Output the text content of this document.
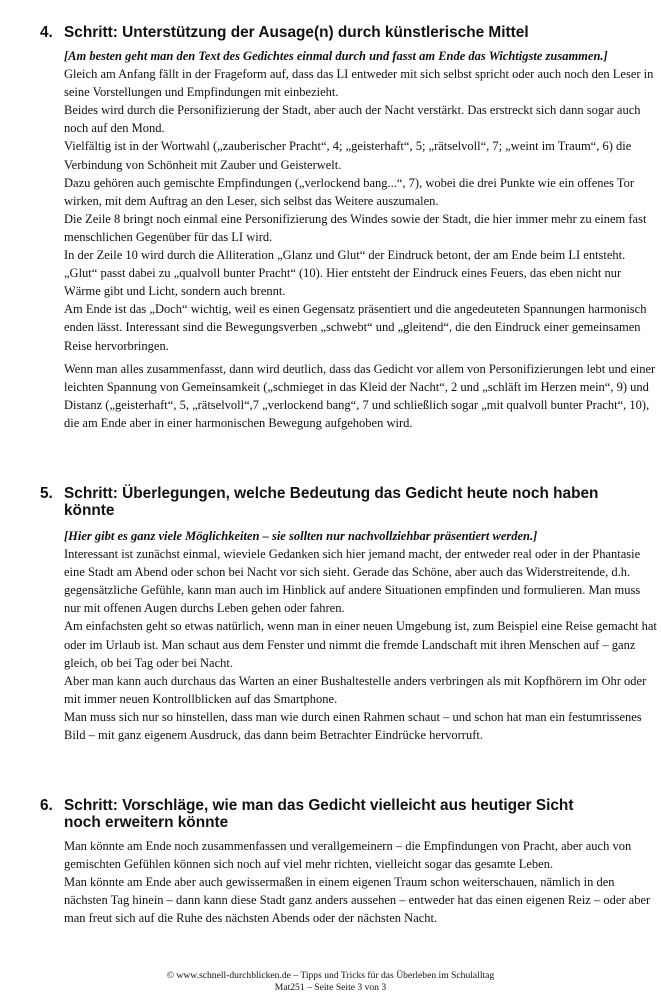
4. Schritt: Unterstützung der Ausage(n) durch künstlerische Mittel

[Am besten geht man den Text des Gedichtes einmal durch und fasst am Ende das Wichtigste zusammen.]

Gleich am Anfang fällt in der Frageform auf, dass das LI entweder mit sich selbst spricht oder auch noch den Leser in seine Vorstellungen und Empfindungen mit einbezieht.

Beides wird durch die Personifizierung der Stadt, aber auch der Nacht verstärkt. Das erstreckt sich dann sogar auch noch auf den Mond.

Vielfältig ist in der Wortwahl („zauberischer Pracht“, 4; „geisterhaft“, 5; „rätselvoll“, 7; „weint im Traum“, 6) die Verbindung von Schönheit mit Zauber und Geisterwelt.

Dazu gehören auch gemischte Empfindungen („verlockend bang...“, 7), wobei die drei Punkte wie ein offenes Tor wirken, mit dem Auftrag an den Leser, sich selbst das Weitere auszumalen.

Die Zeile 8 bringt noch einmal eine Personifizierung des Windes sowie der Stadt, die hier immer mehr zu einem fast menschlichen Gegenüber für das LI wird.

In der Zeile 10 wird durch die Alliteration „Glanz und Glut“ der Eindruck betont, der am Ende beim LI entsteht. „Glut“ passt dabei zu „qualvoll bunter Pracht“ (10). Hier entsteht der Eindruck eines Feuers, das eben nicht nur Wärme gibt und Licht, sondern auch brennt.

Am Ende ist das „Doch“ wichtig, weil es einen Gegensatz präsentiert und die angedeuteten Spannungen harmonisch enden lässt. Interessant sind die Bewegungsverben „schwebt“ und „gleitend“, die den Eindruck einer gemeinsamen Reise hervorbringen.

Wenn man alles zusammenfasst, dann wird deutlich, dass das Gedicht vor allem von Personifizierungen lebt und einer leichten Spannung von Gemeinsamkeit („schmieget in das Kleid der Nacht“, 2 und „schläft im Herzen mein“, 9) und Distanz („geisterhaft“, 5, „rätselvoll“,7 „verlockend bang“, 7 und schließlich sogar „mit qualvoll bunter Pracht“, 10), die am Ende aber in einer harmonischen Bewegung aufgehoben wird.

5. Schritt: Überlegungen, welche Bedeutung das Gedicht heute noch haben
könnte

[Hier gibt es ganz viele Möglichkeiten – sie sollten nur nachvollziehbar präsentiert werden.]

Interessant ist zunächst einmal, wieviele Gedanken sich hier jemand macht, der entweder real oder in der Phantasie eine Stadt am Abend oder schon bei Nacht vor sich sieht. Gerade das Schöne, aber auch das Widerstreitende, d.h. gegensätzliche Gefühle, kann man auch im Hinblick auf andere Situationen empfinden und formulieren. Man muss nur mit offenen Augen durchs Leben gehen oder fahren.

Am einfachsten geht so etwas natürlich, wenn man in einer neuen Umgebung ist, zum Beispiel eine Reise gemacht hat oder im Urlaub ist. Man schaut aus dem Fenster und nimmt die fremde Landschaft mit ihren Menschen auf – ganz gleich, ob bei Tag oder bei Nacht.

Aber man kann auch durchaus das Warten an einer Bushaltestelle anders verbringen als mit Kopfhörern im Ohr oder mit immer neuen Kontrollblicken auf das Smartphone.

Man muss sich nur so hinstellen, dass man wie durch einen Rahmen schaut – und schon hat man ein festumrissenes Bild – mit ganz eigenem Ausdruck, das dann beim Betrachter Eindrücke hervorruft.

6. Schritt: Vorschläge, wie man das Gedicht vielleicht aus heutiger Sicht
noch erweitern könnte

Man könnte am Ende noch zusammenfassen und verallgemeinern – die Empfindungen von Pracht, aber auch von gemischten Gefühlen können sich noch auf viel mehr richten, vielleicht sogar das gesamte Leben.

Man könnte am Ende aber auch gewissermaßen in einem eigenen Traum schon weiterschauen, nämlich in den nächsten Tag hinein – dann kann diese Stadt ganz anders aussehen – entweder hat das einen eigenen Reiz – oder aber man freut sich auf die Ruhe des nächsten Abends oder der nächsten Nacht.

© www.schnell-durchblicken.de – Tipps und Tricks für das Überleben im Schulalltag
Mat251 – Seite Seite 3 von 3
